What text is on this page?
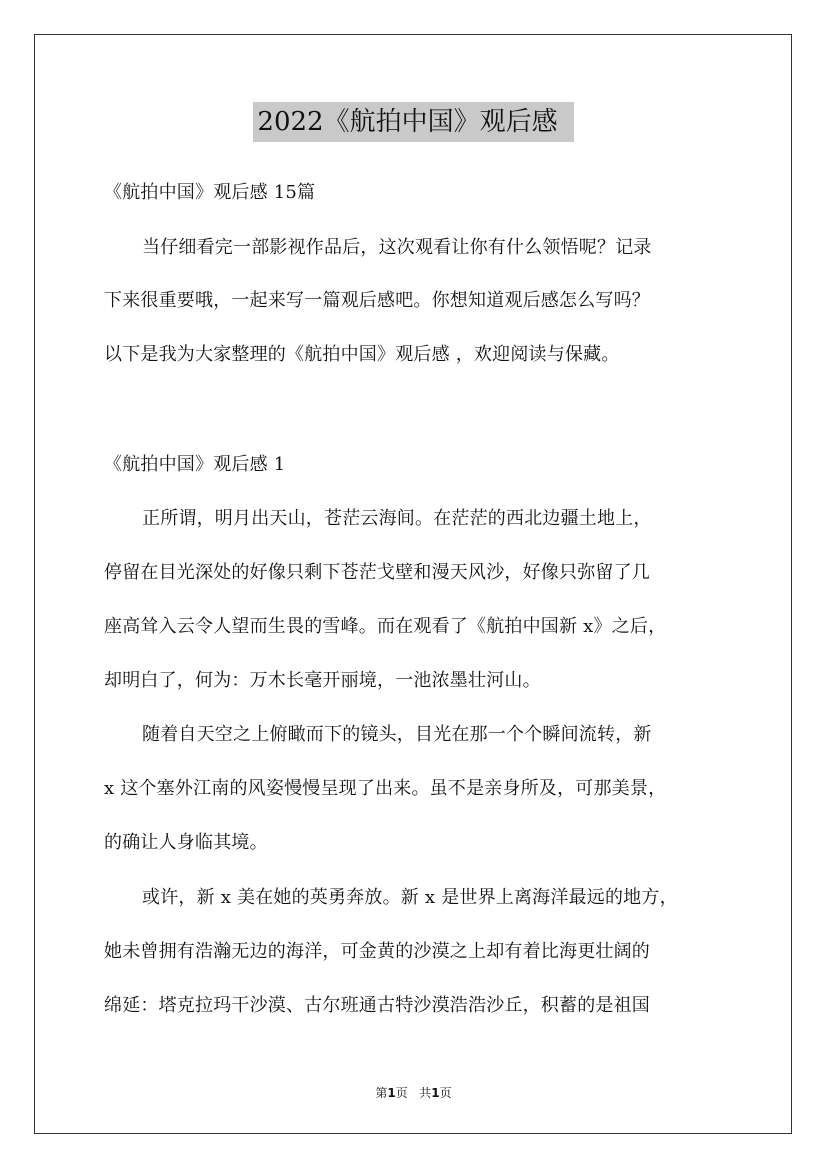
2022《航拍中国》观后感
《航拍中国》观后感 15篇
当仔细看完一部影视作品后，这次观看让你有什么领悟呢？记录
下来很重要哦，一起来写一篇观后感吧。你想知道观后感怎么写吗？
以下是我为大家整理的《航拍中国》观后感 ，欢迎阅读与保藏。
《航拍中国》观后感 1
正所谓，明月出天山，苍茫云海间。在茫茫的西北边疆土地上，
停留在目光深处的好像只剩下苍茫戈壁和漫天风沙，好像只弥留了几
座高耸入云令人望而生畏的雪峰。而在观看了《航拍中国新 x》之后，
却明白了，何为：万木长毫开丽境，一池浓墨壮河山。
随着自天空之上俯瞰而下的镜头，目光在那一个个瞬间流转，新
x 这个塞外江南的风姿慢慢呈现了出来。虽不是亲身所及，可那美景，
的确让人身临其境。
或许，新 x 美在她的英勇奔放。新 x 是世界上离海洋最远的地方，
她未曾拥有浩瀚无边的海洋，可金黄的沙漠之上却有着比海更壮阔的
绵延：塔克拉玛干沙漠、古尔班通古特沙漠浩浩沙丘，积蓄的是祖国
第1页 共1页
